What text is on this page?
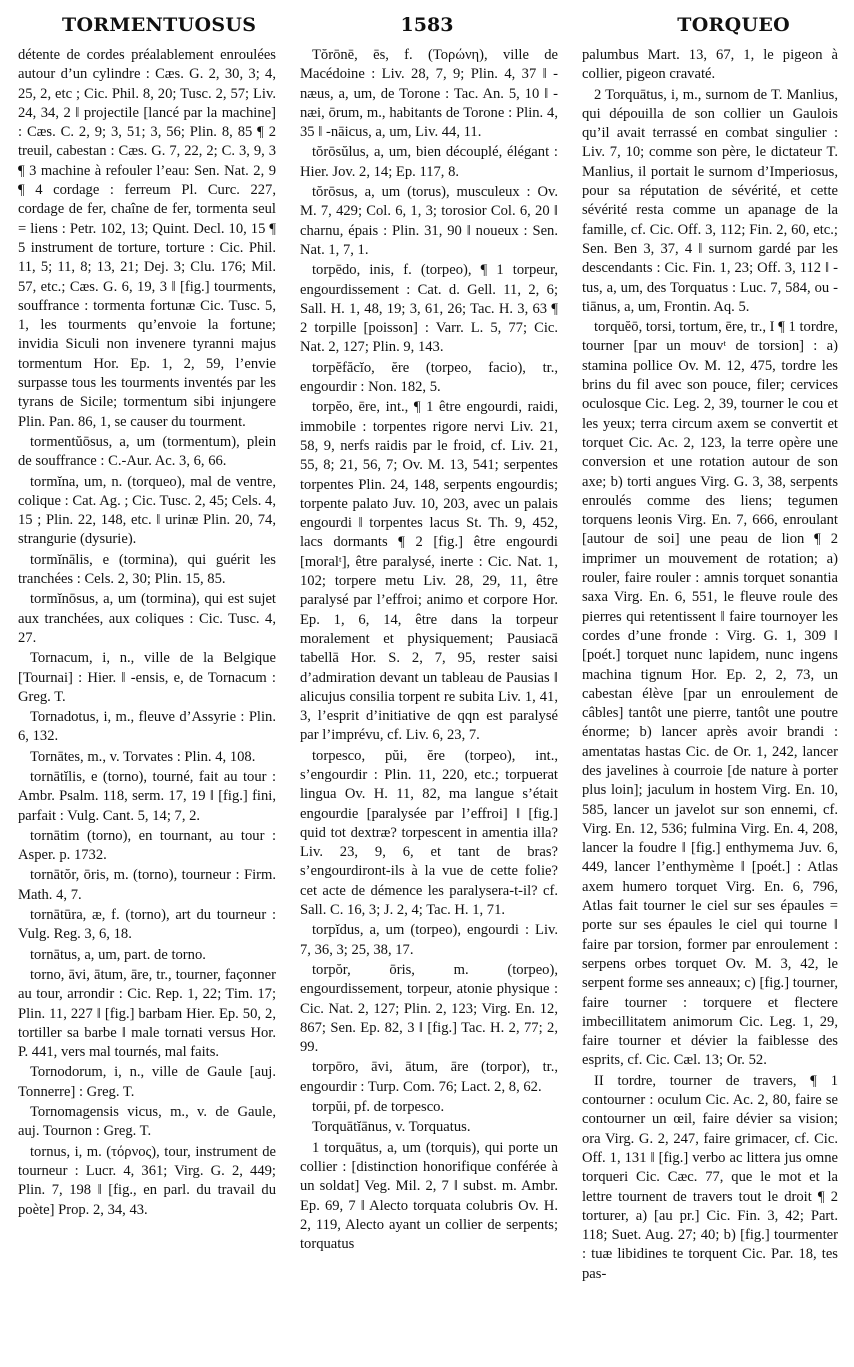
TORMENTUOSUS	1583	TORQUEO

détente de cordes préalablement enroulées autour d’un cylindre : Cæs. G. 2, 30, 3; 4, 25, 2, etc ; Cic. Phil. 8, 20; Tusc. 2, 57; Liv. 24, 34, 2 ‖ projectile [lancé par la machine] : Cæs. C. 2, 9; 3, 51; 3, 56; Plin. 8, 85 ¶ 2 treuil, cabestan : Cæs. G. 7, 22, 2; C. 3, 9, 3 ¶ 3 machine à refouler l’eau: Sen. Nat. 2, 9 ¶ 4 cordage : ferreum Pl. Curc. 227, cordage de fer, chaîne de fer, tormenta seul = liens : Petr. 102, 13; Quint. Decl. 10, 15 ¶ 5 instrument de torture, torture : Cic. Phil. 11, 5; 11, 8; 13, 21; Dej. 3; Clu. 176; Mil. 57, etc.; Cæs. G. 6, 19, 3 ‖ [fig.] tourments, souffrance : tormenta fortunæ Cic. Tusc. 5, 1, les tourments qu’envoie la fortune; invidia Siculi non invenere tyranni majus tormentum Hor. Ep. 1, 2, 59, l’envie surpasse tous les tourments inventés par les tyrans de Sicile; tormentum sibi injungere Plin. Pan. 86, 1, se causer du tourment.

tormentŭōsus, a, um (tormentum), plein de souffrance : C.-Aur. Ac. 3, 6, 66.

tormĭna, um, n. (torqueo), mal de ventre, colique : Cat. Ag. ; Cic. Tusc. 2, 45; Cels. 4, 15 ; Plin. 22, 148, etc. ‖ urinæ Plin. 20, 74, strangurie (dysurie).

tormĭnālis, e (tormina), qui guérit les tranchées : Cels. 2, 30; Plin. 15, 85.

tormĭnōsus, a, um (tormina), qui est sujet aux tranchées, aux coliques : Cic. Tusc. 4, 27.

Tornacum, i, n., ville de la Belgique [Tournai] : Hier. ‖ -ensis, e, de Tornacum : Greg. T.

Tornadotus, i, m., fleuve d’Assyrie : Plin. 6, 132.

Tornātes, m., v. Torvates : Plin. 4, 108.

tornātĭlis, e (torno), tourné, fait au tour : Ambr. Psalm. 118, serm. 17, 19 ‖ [fig.] fini, parfait : Vulg. Cant. 5, 14; 7, 2.

tornātim (torno), en tournant, au tour : Asper. p. 1732.

tornātŏr, ōris, m. (torno), tourneur : Firm. Math. 4, 7.

tornātūra, æ, f. (torno), art du tourneur : Vulg. Reg. 3, 6, 18.

tornātus, a, um, part. de torno.

torno, āvi, ātum, āre, tr., tourner, façonner au tour, arrondir : Cic. Rep. 1, 22; Tim. 17; Plin. 11, 227 ‖ [fig.] barbam Hier. Ep. 50, 2, tortiller sa barbe ‖ male tornati versus Hor. P. 441, vers mal tournés, mal faits.

Tornodorum, i, n., ville de Gaule [auj. Tonnerre] : Greg. T.

Tornomagensis vicus, m., v. de Gaule, auj. Tournon : Greg. T.

tornus, i, m. (τόρνος), tour, instrument de tourneur : Lucr. 4, 361; Virg. G. 2, 449; Plin. 7, 198 ‖ [fig., en parl. du travail du poète] Prop. 2, 34, 43.

Tŏrōnē, ēs, f. (Τορώνη), ville de Macédoine : Liv. 28, 7, 9; Plin. 4, 37 ‖ -næus, a, um, de Torone : Tac. An. 5, 10 ‖ -næi, ōrum, m., habitants de Torone : Plin. 4, 35 ‖ -nāicus, a, um, Liv. 44, 11.

tŏrōsŭlus, a, um, bien découplé, élégant : Hier. Jov. 2, 14; Ep. 117, 8.

tŏrōsus, a, um (torus), musculeux : Ov. M. 7, 429; Col. 6, 1, 3; torosior Col. 6, 20 ‖ charnu, épais : Plin. 31, 90 ‖ noueux : Sen. Nat. 1, 7, 1.

torpēdo, inis, f. (torpeo), ¶ 1 torpeur, engourdissement : Cat. d. Gell. 11, 2, 6; Sall. H. 1, 48, 19; 3, 61, 26; Tac. H. 3, 63 ¶ 2 torpille [poisson] : Varr. L. 5, 77; Cic. Nat. 2, 127; Plin. 9, 143.

torpĕfăcĭo, ĕre (torpeo, facio), tr., engourdir : Non. 182, 5.

torpĕo, ēre, int., ¶ 1 être engourdi, raidi, immobile : torpentes rigore nervi Liv. 21, 58, 9, nerfs raidis par le froid, cf. Liv. 21, 55, 8; 21, 56, 7; Ov. M. 13, 541; serpentes torpentes Plin. 24, 148, serpents engourdis; torpente palato Juv. 10, 203, avec un palais engourdi ‖ torpentes lacus St. Th. 9, 452, lacs dormants ¶ 2 [fig.] être engourdi [moralᵗ], être paralysé, inerte : Cic. Nat. 1, 102; torpere metu Liv. 28, 29, 11, être paralysé par l’effroi; animo et corpore Hor. Ep. 1, 6, 14, être dans la torpeur moralement et physiquement; Pausiacā tabellā Hor. S. 2, 7, 95, rester saisi d’admiration devant un tableau de Pausias ‖ alicujus consilia torpent re subita Liv. 1, 41, 3, l’esprit d’initiative de qqn est paralysé par l’imprévu, cf. Liv. 6, 23, 7.

torpesco, pŭi, ĕre (torpeo), int., s’engourdir : Plin. 11, 220, etc.; torpuerat lingua Ov. H. 11, 82, ma langue s’était engourdie [paralysée par l’effroi] ‖ [fig.] quid tot dextræ? torpescent in amentia illa? Liv. 23, 9, 6, et tant de bras? s’engourdiront-ils à la vue de cette folie? cet acte de démence les paralysera-t-il? cf. Sall. C. 16, 3; J. 2, 4; Tac. H. 1, 71.

torpĭdus, a, um (torpeo), engourdi : Liv. 7, 36, 3; 25, 38, 17.

torpŏr, ōris, m. (torpeo), engourdissement, torpeur, atonie physique : Cic. Nat. 2, 127; Plin. 2, 123; Virg. En. 12, 867; Sen. Ep. 82, 3 ‖ [fig.] Tac. H. 2, 77; 2, 99.

torpōro, āvi, ātum, āre (torpor), tr., engourdir : Turp. Com. 76; Lact. 2, 8, 62.

torpŭi, pf. de torpesco.

Torquātĭānus, v. Torquatus.

1 torquātus, a, um (torquis), qui porte un collier : [distinction honorifique conférée à un soldat] Veg. Mil. 2, 7 ‖ subst. m. Ambr. Ep. 69, 7 ‖ Alecto torquata colubris Ov. H. 2, 119, Alecto ayant un collier de serpents; torquatus

palumbus Mart. 13, 67, 1, le pigeon à collier, pigeon cravaté.

2 Torquātus, i, m., surnom de T. Manlius, qui dépouilla de son collier un Gaulois qu’il avait terrassé en combat singulier : Liv. 7, 10; comme son père, le dictateur T. Manlius, il portait le surnom d’Imperiosus, pour sa réputation de sévérité, et cette sévérité resta comme un apanage de la famille, cf. Cic. Off. 3, 112; Fin. 2, 60, etc.; Sen. Ben 3, 37, 4 ‖ surnom gardé par les descendants : Cic. Fin. 1, 23; Off. 3, 112 ‖ -tus, a, um, des Torquatus : Luc. 7, 584, ou -tiānus, a, um, Frontin. Aq. 5.

torquĕō, torsi, tortum, ēre, tr., I ¶ 1 tordre, tourner [par un mouvᵗ de torsion] : a) stamina pollice Ov. M. 12, 475, tordre les brins du fil avec son pouce, filer; cervices oculosque Cic. Leg. 2, 39, tourner le cou et les yeux; terra circum axem se convertit et torquet Cic. Ac. 2, 123, la terre opère une conversion et une rotation autour de son axe; b) torti angues Virg. G. 3, 38, serpents enroulés comme des liens; tegumen torquens leonis Virg. En. 7, 666, enroulant [autour de soi] une peau de lion ¶ 2 imprimer un mouvement de rotation; a) rouler, faire rouler : amnis torquet sonantia saxa Virg. En. 6, 551, le fleuve roule des pierres qui retentissent ‖ faire tournoyer les cordes d’une fronde : Virg. G. 1, 309 ‖ [poét.] torquet nunc lapidem, nunc ingens machina tignum Hor. Ep. 2, 2, 73, un cabestan élève [par un enroulement de câbles] tantôt une pierre, tantôt une poutre énorme; b) lancer après avoir brandi : amentatas hastas Cic. de Or. 1, 242, lancer des javelines à courroie [de nature à porter plus loin]; jaculum in hostem Virg. En. 10, 585, lancer un javelot sur son ennemi, cf. Virg. En. 12, 536; fulmina Virg. En. 4, 208, lancer la foudre ‖ [fig.] enthymema Juv. 6, 449, lancer l’enthymème ‖ [poét.] : Atlas axem humero torquet Virg. En. 6, 796, Atlas fait tourner le ciel sur ses épaules = porte sur ses épaules le ciel qui tourne ‖ faire par torsion, former par enroulement : serpens orbes torquet Ov. M. 3, 42, le serpent forme ses anneaux; c) [fig.] tourner, faire tourner : torquere et flectere imbecillitatem animorum Cic. Leg. 1, 29, faire tourner et dévier la faiblesse des esprits, cf. Cic. Cæl. 13; Or. 52.

II tordre, tourner de travers, ¶ 1 contourner : oculum Cic. Ac. 2, 80, faire se contourner un œil, faire dévier sa vision; ora Virg. G. 2, 247, faire grimacer, cf. Cic. Off. 1, 131 ‖ [fig.] verbo ac littera jus omne torqueri Cic. Cæc. 77, que le mot et la lettre tournent de travers tout le droit ¶ 2 torturer, a) [au pr.] Cic. Fin. 3, 42; Part. 118; Suet. Aug. 27; 40; b) [fig.] tourmenter : tuæ libidines te torquent Cic. Par. 18, tes pas-
